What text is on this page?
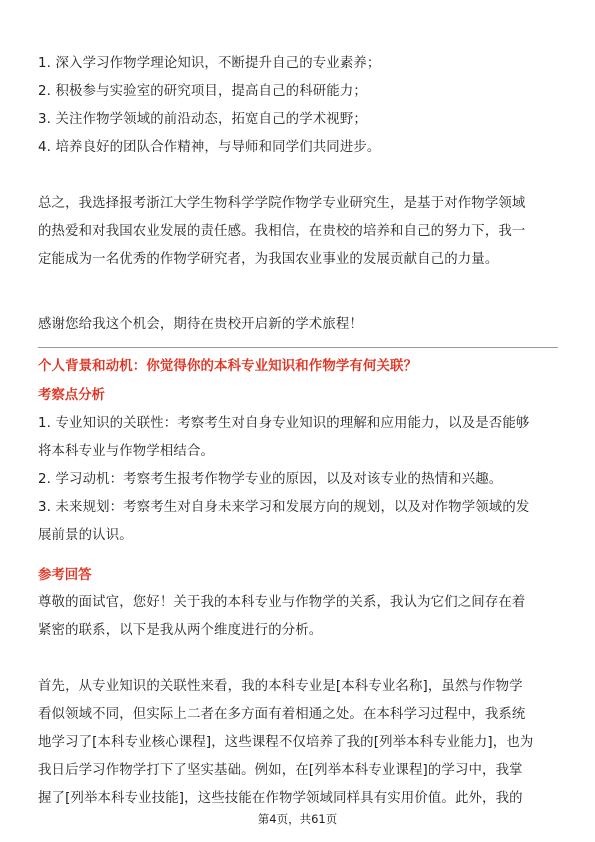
1. 深入学习作物学理论知识，不断提升自己的专业素养；

2. 积极参与实验室的研究项目，提高自己的科研能力；

3. 关注作物学领域的前沿动态，拓宽自己的学术视野；

4. 培养良好的团队合作精神，与导师和同学们共同进步。

总之，我选择报考浙江大学生物科学学院作物学专业研究生，是基于对作物学领域

的热爱和对我国农业发展的责任感。我相信，在贵校的培养和自己的努力下，我一

定能成为一名优秀的作物学研究者，为我国农业事业的发展贡献自己的力量。

感谢您给我这个机会，期待在贵校开启新的学术旅程！

个人背景和动机：你觉得你的本科专业知识和作物学有何关联？
考察点分析

1. 专业知识的关联性：考察考生对自身专业知识的理解和应用能力，以及是否能够

将本科专业与作物学相结合。

2. 学习动机：考察考生报考作物学专业的原因，以及对该专业的热情和兴趣。

3. 未来规划：考察考生对自身未来学习和发展方向的规划，以及对作物学领域的发

展前景的认识。

参考回答

尊敬的面试官，您好！关于我的本科专业与作物学的关系，我认为它们之间存在着

紧密的联系，以下是我从两个维度进行的分析。

首先，从专业知识的关联性来看，我的本科专业是[本科专业名称]，虽然与作物学

看似领域不同，但实际上二者在多方面有着相通之处。在本科学习过程中，我系统

地学习了[本科专业核心课程]，这些课程不仅培养了我的[列举本科专业能力]，也为

我日后学习作物学打下了坚实基础。例如，在[列举本科专业课程]的学习中，我掌

握了[列举本科专业技能]，这些技能在作物学领域同样具有实用价值。此外，我的

第4页，共61页
